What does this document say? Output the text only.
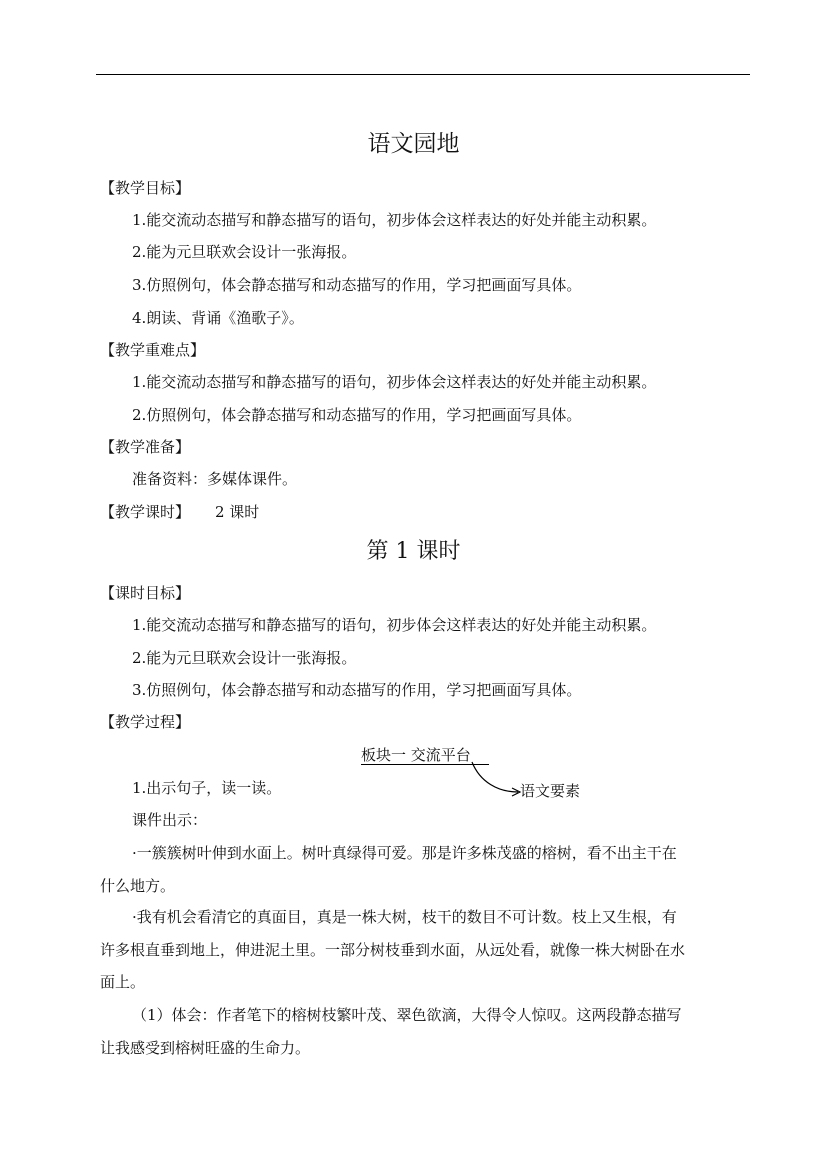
语文园地
【教学目标】
1.能交流动态描写和静态描写的语句，初步体会这样表达的好处并能主动积累。
2.能为元旦联欢会设计一张海报。
3.仿照例句，体会静态描写和动态描写的作用，学习把画面写具体。
4.朗读、背诵《渔歌子》。
【教学重难点】
1.能交流动态描写和静态描写的语句，初步体会这样表达的好处并能主动积累。
2.仿照例句，体会静态描写和动态描写的作用，学习把画面写具体。
【教学准备】
准备资料：多媒体课件。
【教学课时】 2 课时
第 1 课时
【课时目标】
1.能交流动态描写和静态描写的语句，初步体会这样表达的好处并能主动积累。
2.能为元旦联欢会设计一张海报。
3.仿照例句，体会静态描写和动态描写的作用，学习把画面写具体。
【教学过程】
板块一 交流平台
语文要素
1.出示句子，读一读。
课件出示：
·一簇簇树叶伸到水面上。树叶真绿得可爱。那是许多株茂盛的榕树，看不出主干在
什么地方。
·我有机会看清它的真面目，真是一株大树，枝干的数目不可计数。枝上又生根，有
许多根直垂到地上，伸进泥土里。一部分树枝垂到水面，从远处看，就像一株大树卧在水
面上。
（1）体会：作者笔下的榕树枝繁叶茂、翠色欲滴，大得令人惊叹。这两段静态描写
让我感受到榕树旺盛的生命力。
